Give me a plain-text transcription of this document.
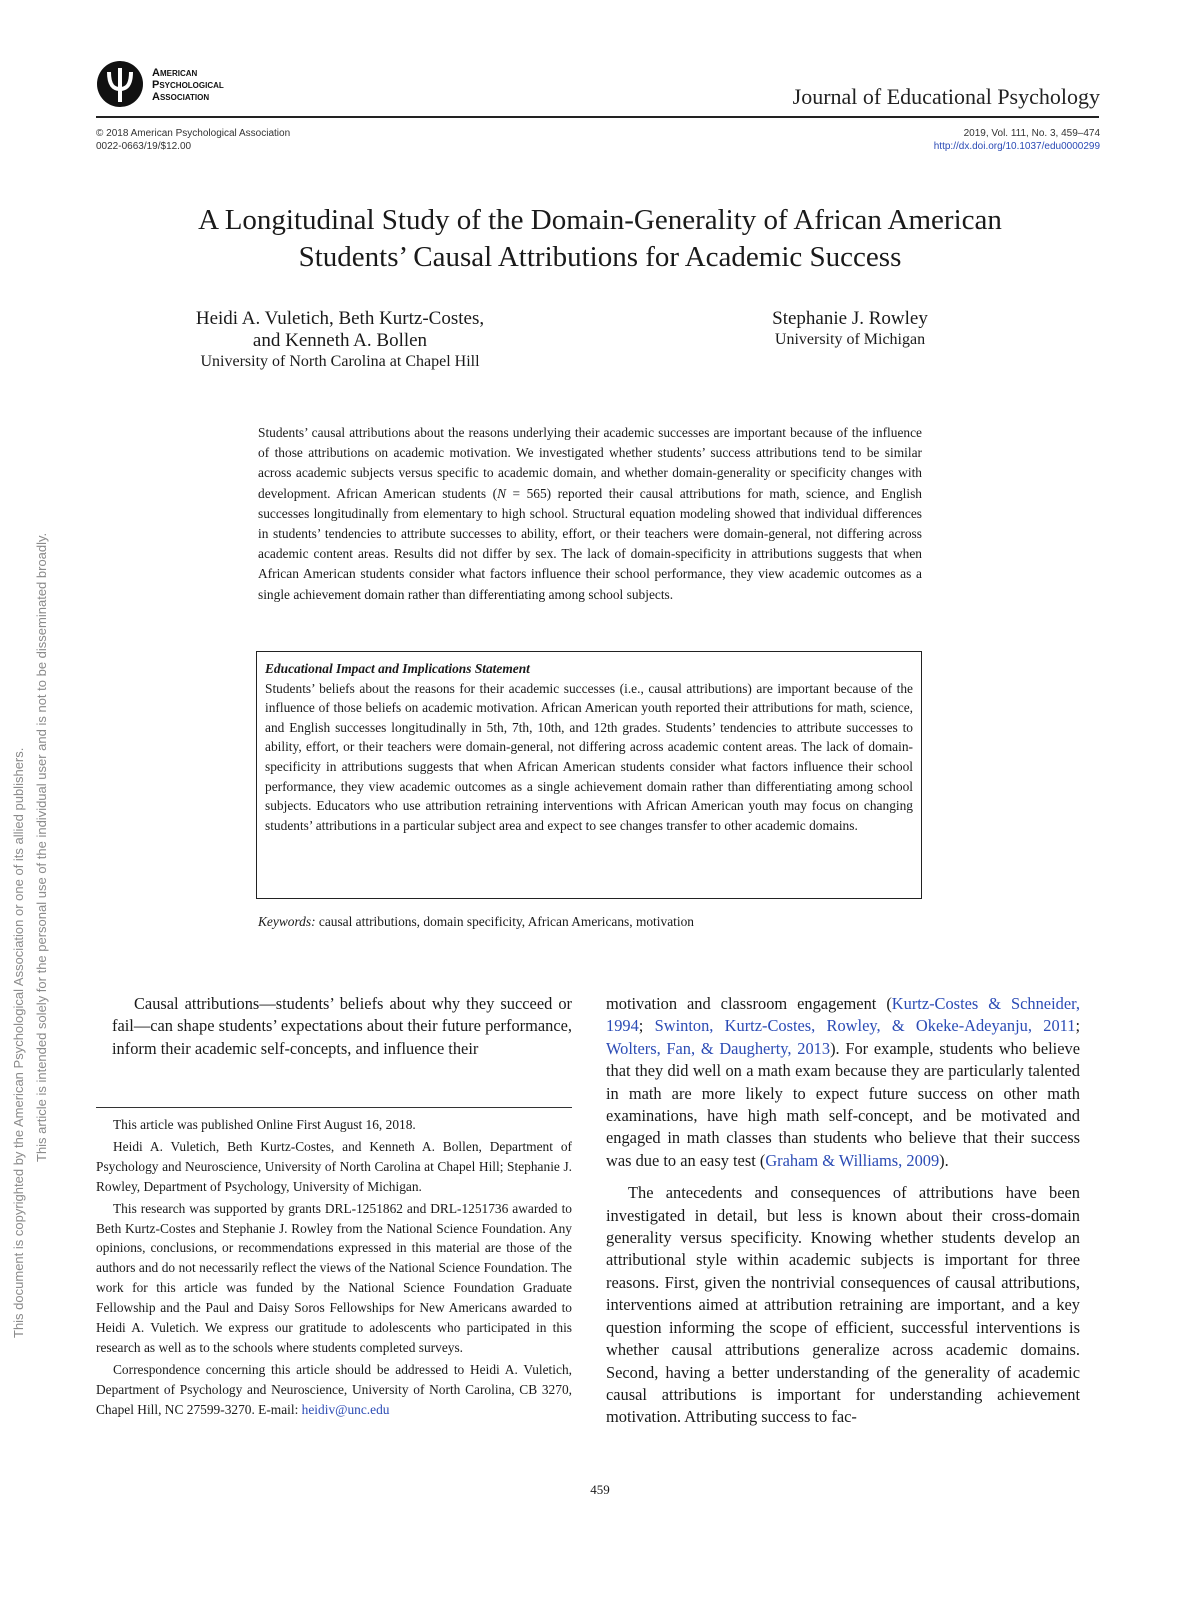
American
Psychological
Association	Journal of Educational Psychology
© 2018 American Psychological Association
0022-0663/19/$12.00
2019, Vol. 111, No. 3, 459–474
http://dx.doi.org/10.1037/edu0000299
A Longitudinal Study of the Domain-Generality of African American
Students’ Causal Attributions for Academic Success
Heidi A. Vuletich, Beth Kurtz-Costes,
and Kenneth A. Bollen
University of North Carolina at Chapel Hill
Stephanie J. Rowley
University of Michigan
Students’ causal attributions about the reasons underlying their academic successes are important because of the influence of those attributions on academic motivation. We investigated whether students’ success attributions tend to be similar across academic subjects versus specific to academic domain, and whether domain-generality or specificity changes with development. African American students (N = 565) reported their causal attributions for math, science, and English successes longitudinally from elementary to high school. Structural equation modeling showed that individual differences in students’ tendencies to attribute successes to ability, effort, or their teachers were domain-general, not differing across academic content areas. Results did not differ by sex. The lack of domain-specificity in attributions suggests that when African American students consider what factors influence their school performance, they view academic outcomes as a single achievement domain rather than differentiating among school subjects.
Educational Impact and Implications Statement
Students’ beliefs about the reasons for their academic successes (i.e., causal attributions) are important because of the influence of those beliefs on academic motivation. African American youth reported their attributions for math, science, and English successes longitudinally in 5th, 7th, 10th, and 12th grades. Students’ tendencies to attribute successes to ability, effort, or their teachers were domain-general, not differing across academic content areas. The lack of domain-specificity in attributions suggests that when African American students consider what factors influence their school performance, they view academic outcomes as a single achievement domain rather than differentiating among school subjects. Educators who use attribution retraining interventions with African American youth may focus on changing students’ attributions in a particular subject area and expect to see changes transfer to other academic domains.
Keywords: causal attributions, domain specificity, African Americans, motivation
Causal attributions—students’ beliefs about why they succeed or fail—can shape students’ expectations about their future performance, inform their academic self-concepts, and influence their

motivation and classroom engagement (Kurtz-Costes & Schneider, 1994; Swinton, Kurtz-Costes, Rowley, & Okeke-Adeyanju, 2011; Wolters, Fan, & Daugherty, 2013). For example, students who believe that they did well on a math exam because they are particularly talented in math are more likely to expect future success on other math examinations, have high math self-concept, and be motivated and engaged in math classes than students who believe that their success was due to an easy test (Graham & Williams, 2009).

The antecedents and consequences of attributions have been investigated in detail, but less is known about their cross-domain generality versus specificity. Knowing whether students develop an attributional style within academic subjects is important for three reasons. First, given the nontrivial consequences of causal attributions, interventions aimed at attribution retraining are important, and a key question informing the scope of efficient, successful interventions is whether causal attributions generalize across academic domains. Second, having a better understanding of the generality of academic causal attributions is important for understanding achievement motivation. Attributing success to fac-

This article was published Online First August 16, 2018.

Heidi A. Vuletich, Beth Kurtz-Costes, and Kenneth A. Bollen, Department of Psychology and Neuroscience, University of North Carolina at Chapel Hill; Stephanie J. Rowley, Department of Psychology, University of Michigan.

This research was supported by grants DRL-1251862 and DRL-1251736 awarded to Beth Kurtz-Costes and Stephanie J. Rowley from the National Science Foundation. Any opinions, conclusions, or recommendations expressed in this material are those of the authors and do not necessarily reflect the views of the National Science Foundation. The work for this article was funded by the National Science Foundation Graduate Fellowship and the Paul and Daisy Soros Fellowships for New Americans awarded to Heidi A. Vuletich. We express our gratitude to adolescents who participated in this research as well as to the schools where students completed surveys.

Correspondence concerning this article should be addressed to Heidi A. Vuletich, Department of Psychology and Neuroscience, University of North Carolina, CB 3270, Chapel Hill, NC 27599-3270. E-mail: heidiv@unc.edu

459
This document is copyrighted by the American Psychological Association or one of its allied publishers. This article is intended solely for the personal use of the individual user and is not to be disseminated broadly.
